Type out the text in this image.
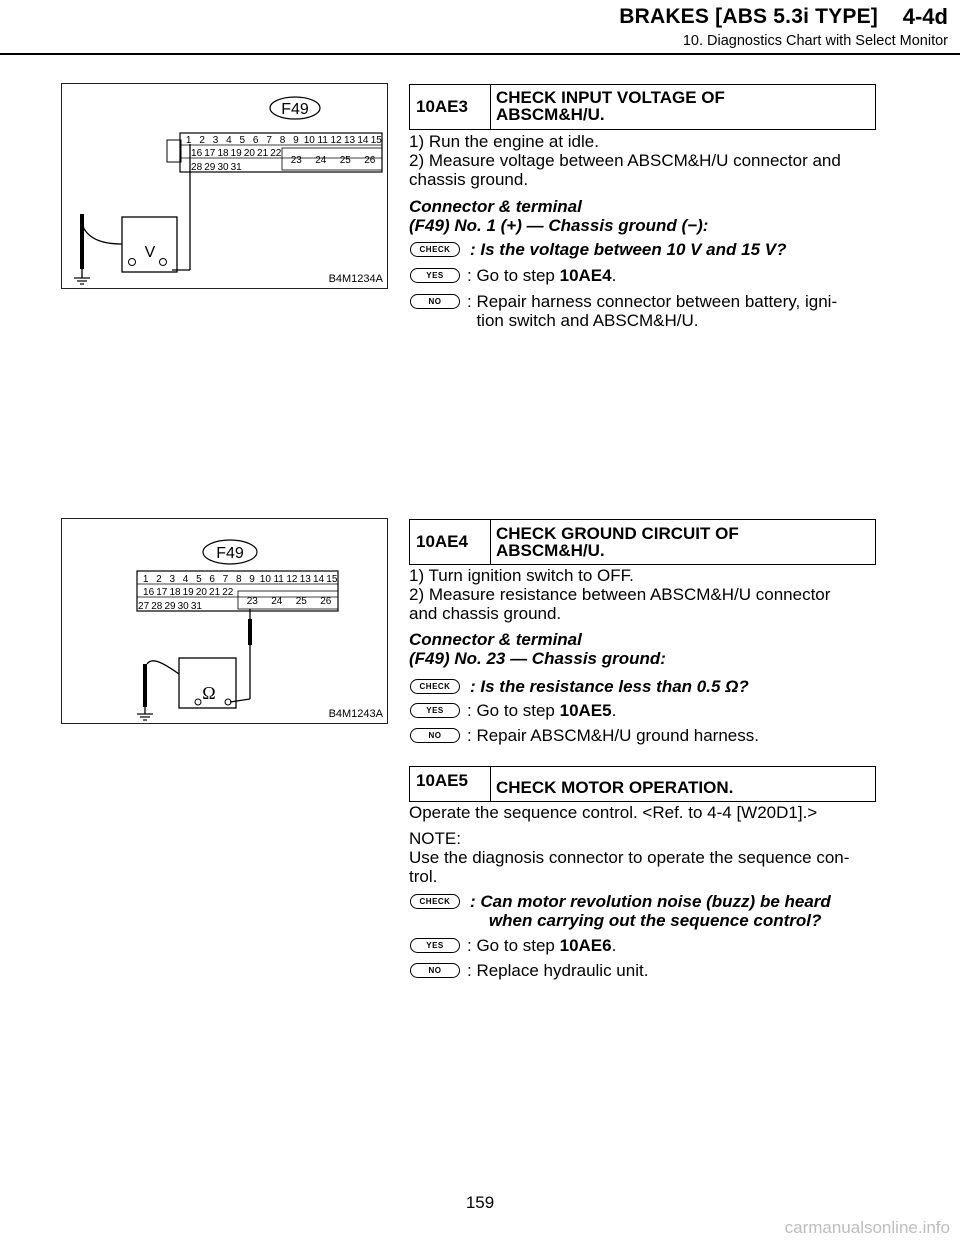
BRAKES [ABS 5.3i TYPE] 4-4d
10. Diagnostics Chart with Select Monitor
F49
1 2 3 4 5 6 7 8 9 10 11 12 13 14 15
16 17 18 19 20 21 22
28 29 30 31
23 24 25 26
V
B4M1234A
10AE3 CHECK INPUT VOLTAGE OF
ABSCM&H/U.
1) Run the engine at idle.
2) Measure voltage between ABSCM&H/U connector and
chassis ground.
Connector & terminal
(F49) No. 1 (+) — Chassis ground (−):
CHECK	: Is the voltage between 10 V and 15 V?
YES	: Go to step 10AE4.
NO	: Repair harness connector between battery, igni-
tion switch and ABSCM&H/U.
F49
1 2 3 4 5 6 7 8 9 10 11 12 13 14 15
16 17 18 19 20 21 22
27 28 29 30 31	23 24 25 26
Ω
B4M1243A
10AE4 CHECK GROUND CIRCUIT OF
ABSCM&H/U.
1) Turn ignition switch to OFF.
2) Measure resistance between ABSCM&H/U connector
and chassis ground.
Connector & terminal
(F49) No. 23 — Chassis ground:
CHECK	: Is the resistance less than 0.5 Ω?
YES	: Go to step 10AE5.
NO	: Repair ABSCM&H/U ground harness.
10AE5 CHECK MOTOR OPERATION.
Operate the sequence control. <Ref. to 4-4 [W20D1].>
NOTE:
Use the diagnosis connector to operate the sequence con-
trol.
CHECK	: Can motor revolution noise (buzz) be heard
when carrying out the sequence control?
YES	: Go to step 10AE6.
NO	: Replace hydraulic unit.
159
carmanualsonline.info
